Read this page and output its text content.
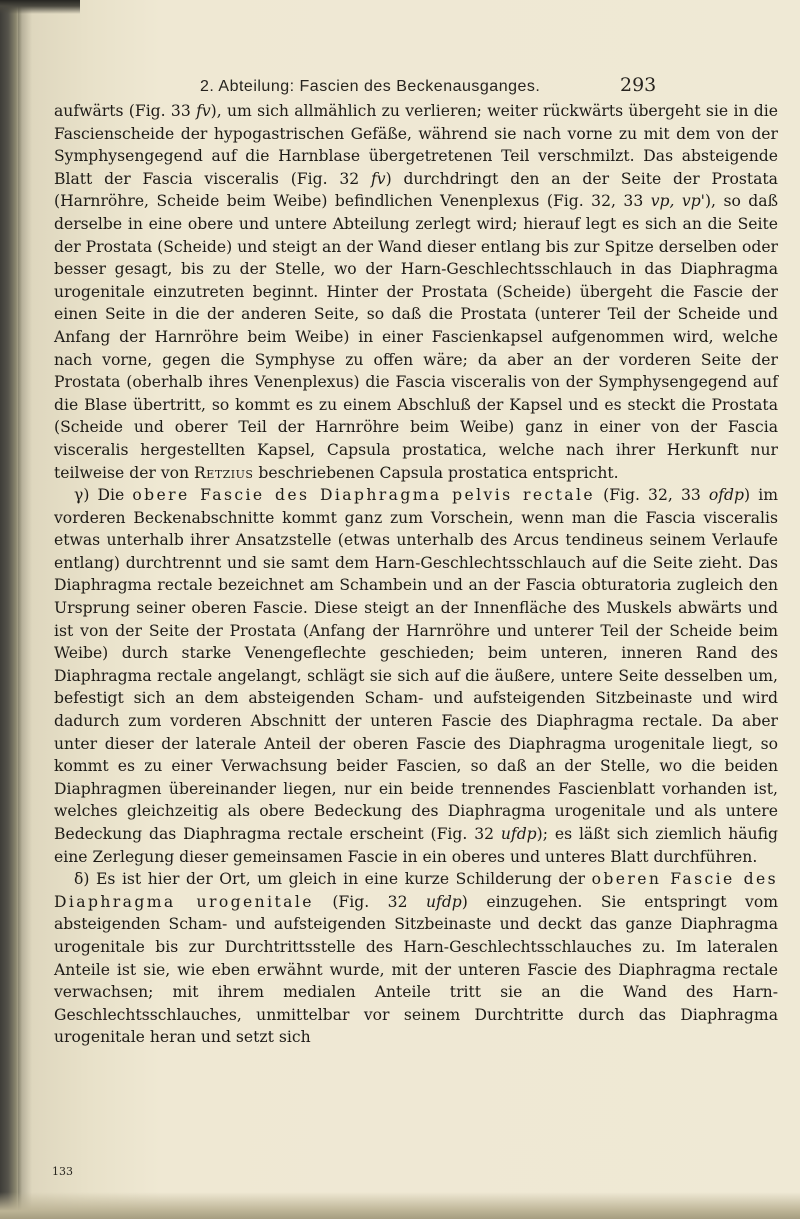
2. Abteilung: Fascien des Beckenausganges.	293

aufwärts (Fig. 33 fv), um sich allmählich zu verlieren; weiter rückwärts übergeht sie in die Fascienscheide der hypogastrischen Gefäße, während sie nach vorne zu mit dem von der Symphysengegend auf die Harnblase übergetretenen Teil verschmilzt. Das absteigende Blatt der Fascia visceralis (Fig. 32 fv) durchdringt den an der Seite der Prostata (Harnröhre, Scheide beim Weibe) befindlichen Venenplexus (Fig. 32, 33 vp, vp'), so daß derselbe in eine obere und untere Abteilung zerlegt wird; hierauf legt es sich an die Seite der Prostata (Scheide) und steigt an der Wand dieser entlang bis zur Spitze derselben oder besser gesagt, bis zu der Stelle, wo der Harn-Geschlechtsschlauch in das Diaphragma urogenitale einzutreten beginnt. Hinter der Prostata (Scheide) übergeht die Fascie der einen Seite in die der anderen Seite, so daß die Prostata (unterer Teil der Scheide und Anfang der Harnröhre beim Weibe) in einer Fascienkapsel aufgenommen wird, welche nach vorne, gegen die Symphyse zu offen wäre; da aber an der vorderen Seite der Prostata (oberhalb ihres Venenplexus) die Fascia visceralis von der Symphysengegend auf die Blase übertritt, so kommt es zu einem Abschluß der Kapsel und es steckt die Prostata (Scheide und oberer Teil der Harnröhre beim Weibe) ganz in einer von der Fascia visceralis hergestellten Kapsel, Capsula prostatica, welche nach ihrer Herkunft nur teilweise der von Retzius beschriebenen Capsula prostatica entspricht.

γ) Die obere Fascie des Diaphragma pelvis rectale (Fig. 32, 33 ofdp) im vorderen Beckenabschnitte kommt ganz zum Vorschein, wenn man die Fascia visceralis etwas unterhalb ihrer Ansatzstelle (etwas unterhalb des Arcus tendineus seinem Verlaufe entlang) durchtrennt und sie samt dem Harn-Geschlechtsschlauch auf die Seite zieht. Das Diaphragma rectale bezeichnet am Schambein und an der Fascia obturatoria zugleich den Ursprung seiner oberen Fascie. Diese steigt an der Innenfläche des Muskels abwärts und ist von der Seite der Prostata (Anfang der Harnröhre und unterer Teil der Scheide beim Weibe) durch starke Venengeflechte geschieden; beim unteren, inneren Rand des Diaphragma rectale angelangt, schlägt sie sich auf die äußere, untere Seite desselben um, befestigt sich an dem absteigenden Scham- und aufsteigenden Sitzbeinaste und wird dadurch zum vorderen Abschnitt der unteren Fascie des Diaphragma rectale. Da aber unter dieser der laterale Anteil der oberen Fascie des Diaphragma urogenitale liegt, so kommt es zu einer Verwachsung beider Fascien, so daß an der Stelle, wo die beiden Diaphragmen übereinander liegen, nur ein beide trennendes Fascienblatt vorhanden ist, welches gleichzeitig als obere Bedeckung des Diaphragma urogenitale und als untere Bedeckung das Diaphragma rectale erscheint (Fig. 32 ufdp); es läßt sich ziemlich häufig eine Zerlegung dieser gemeinsamen Fascie in ein oberes und unteres Blatt durchführen.

δ) Es ist hier der Ort, um gleich in eine kurze Schilderung der oberen Fascie des Diaphragma urogenitale (Fig. 32 ufdp) einzugehen. Sie entspringt vom absteigenden Scham- und aufsteigenden Sitzbeinaste und deckt das ganze Diaphragma urogenitale bis zur Durchtrittsstelle des Harn-Geschlechtsschlauches zu. Im lateralen Anteile ist sie, wie eben erwähnt wurde, mit der unteren Fascie des Diaphragma rectale verwachsen; mit ihrem medialen Anteile tritt sie an die Wand des Harn-Geschlechtsschlauches, unmittelbar vor seinem Durchtritte durch das Diaphragma urogenitale heran und setzt sich

133
